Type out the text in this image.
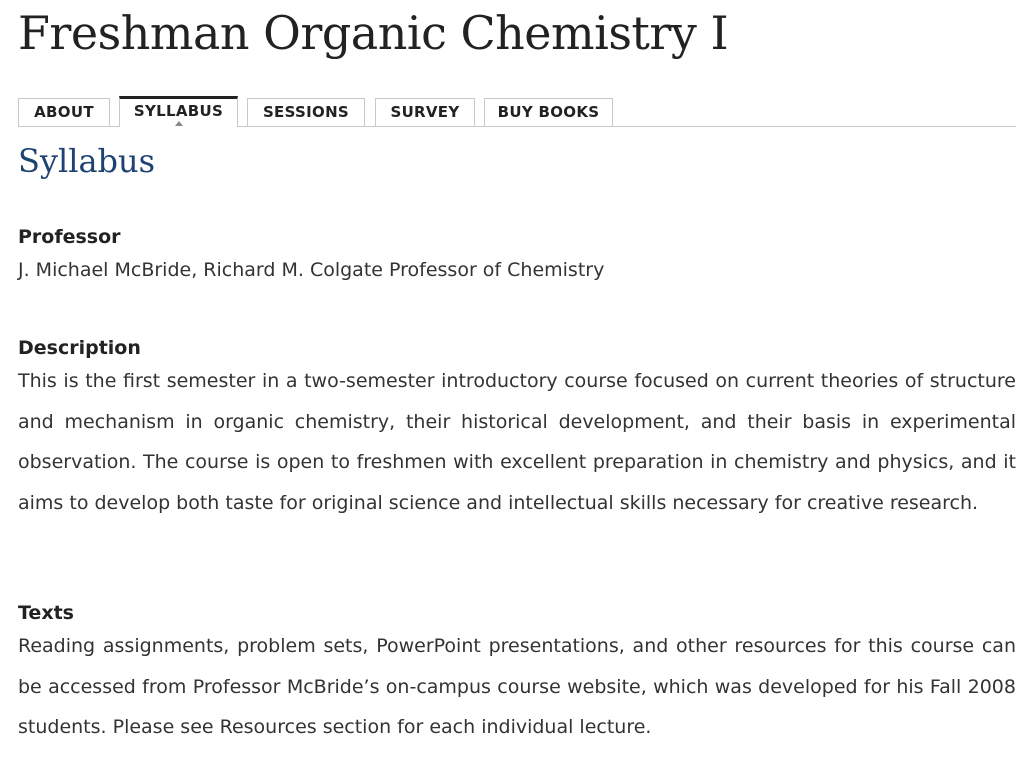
Freshman Organic Chemistry I
ABOUT	SYLLABUS	SESSIONS	SURVEY	BUY BOOKS
Syllabus
Professor

J. Michael McBride, Richard M. Colgate Professor of Chemistry

Description

This is the first semester in a two-semester introductory course focused on current theories of structure and mechanism in organic chemistry, their historical development, and their basis in experimental observation. The course is open to freshmen with excellent preparation in chemistry and physics, and it aims to develop both taste for original science and intellectual skills necessary for creative research.

Texts

Reading assignments, problem sets, PowerPoint presentations, and other resources for this course can be accessed from Professor McBride’s on-campus course website, which was developed for his Fall 2008 students. Please see Resources section for each individual lecture.
